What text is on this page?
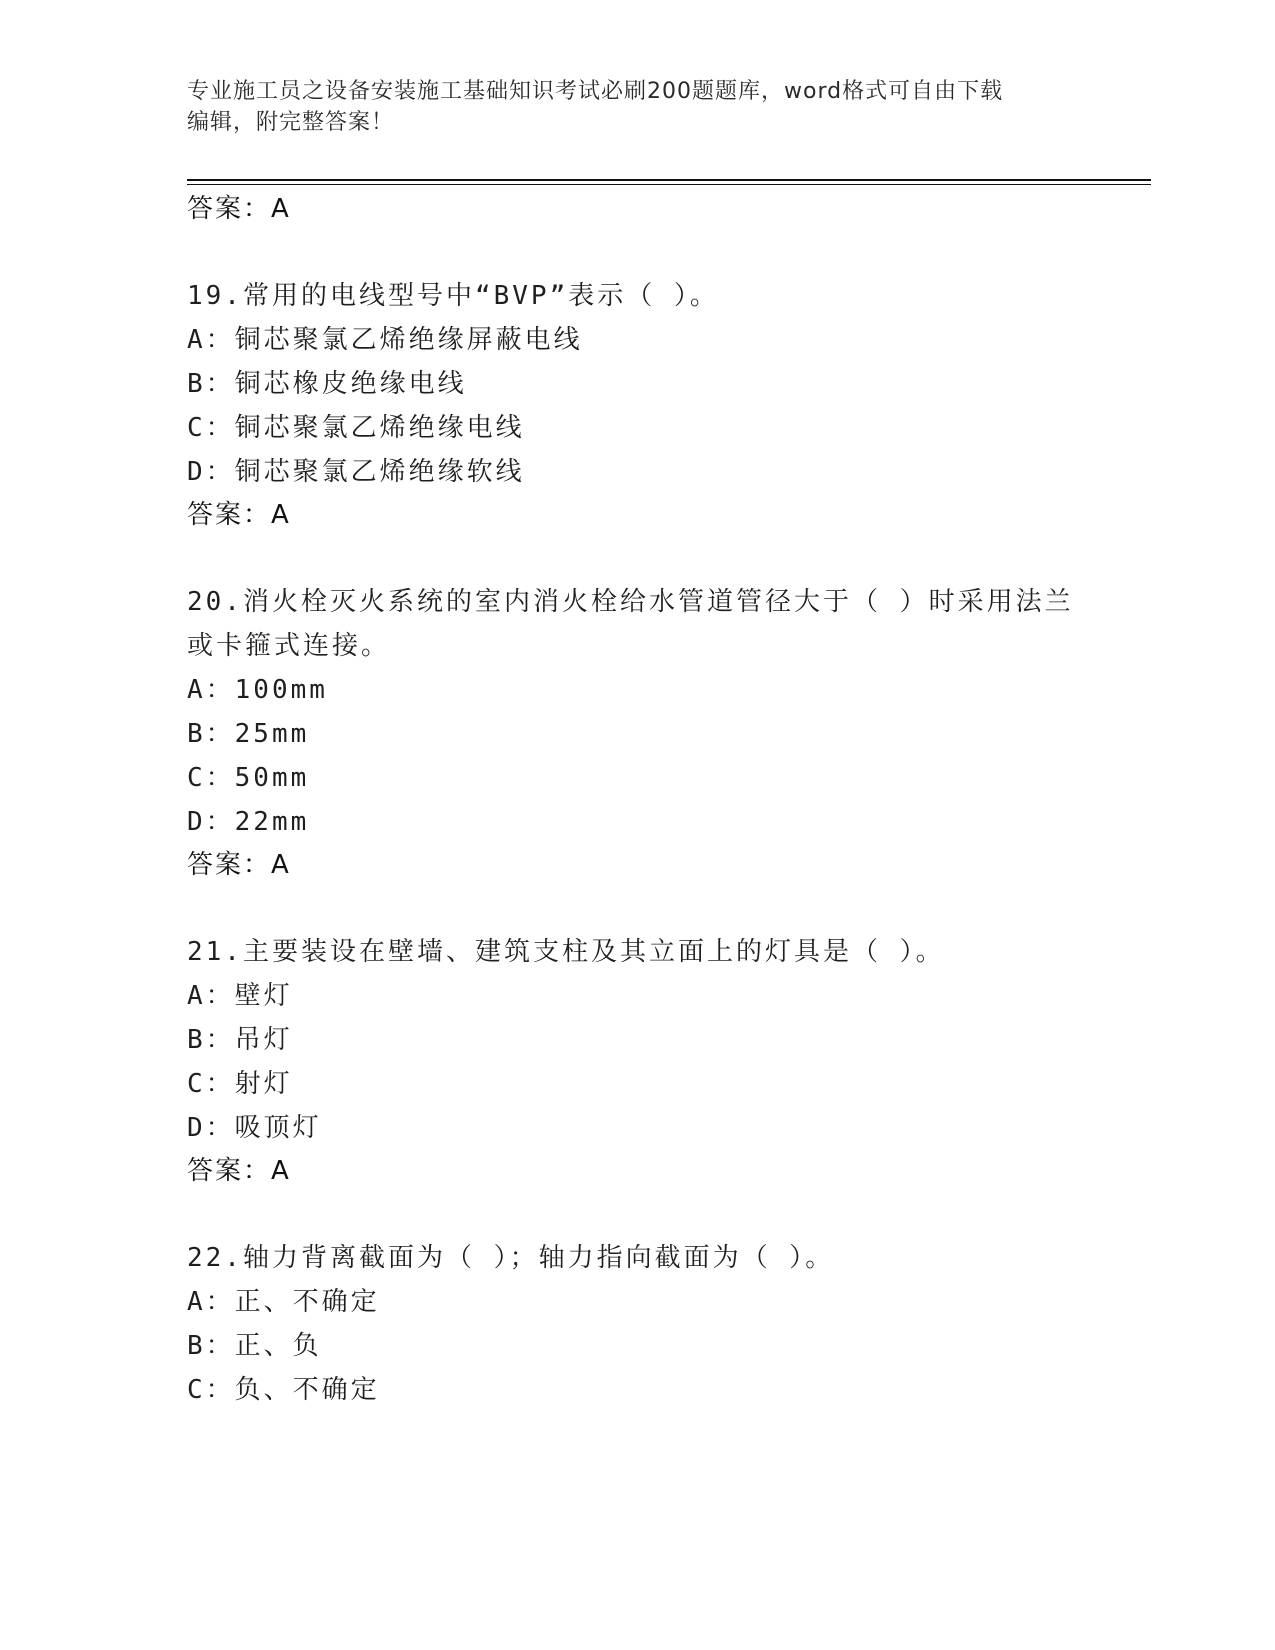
专业施工员之设备安装施工基础知识考试必刷200题题库，word格式可自由下载
编辑，附完整答案！
答案：A
19.常用的电线型号中“BVP”表示（ ）。
A：铜芯聚氯乙烯绝缘屏蔽电线
B：铜芯橡皮绝缘电线
C：铜芯聚氯乙烯绝缘电线
D：铜芯聚氯乙烯绝缘软线
答案：A
20.消火栓灭火系统的室内消火栓给水管道管径大于（ ）时采用法兰
或卡箍式连接。
A：100mm
B：25mm
C：50mm
D：22mm
答案：A
21.主要装设在壁墙、建筑支柱及其立面上的灯具是（ ）。
A：壁灯
B：吊灯
C：射灯
D：吸顶灯
答案：A
22.轴力背离截面为（ ）；轴力指向截面为（ ）。
A：正、不确定
B：正、负
C：负、不确定
